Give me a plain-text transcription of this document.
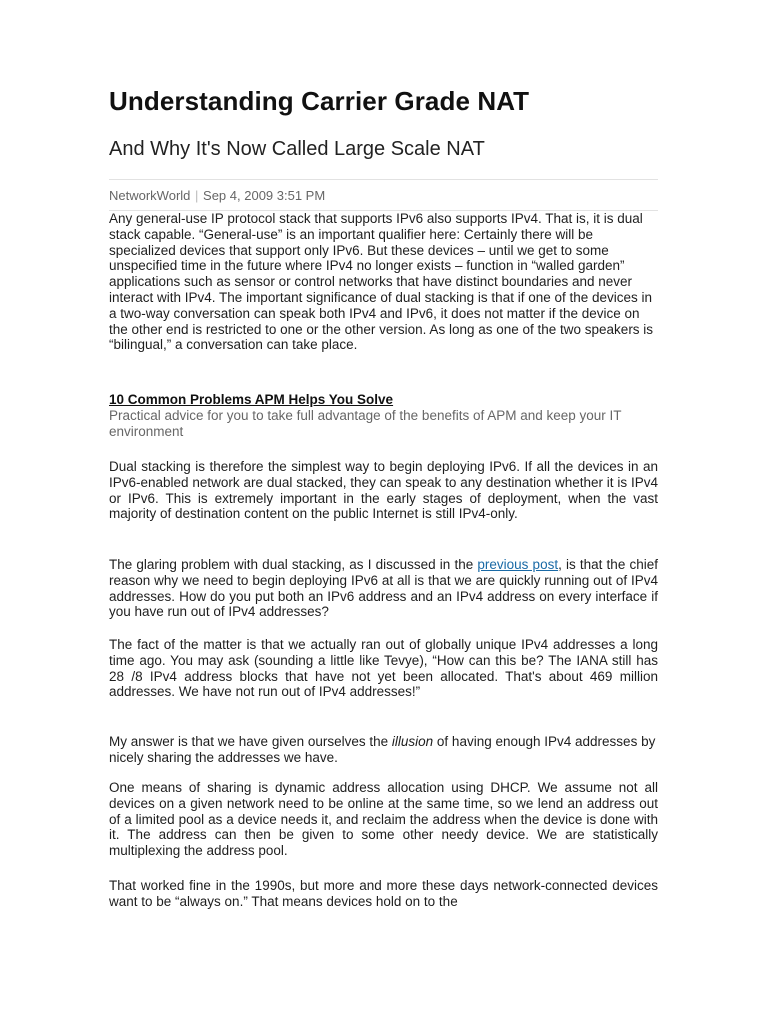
Understanding Carrier Grade NAT
And Why It's Now Called Large Scale NAT
NetworkWorld | Sep 4, 2009 3:51 PM

Any general-use IP protocol stack that supports IPv6 also supports IPv4. That is, it is dual stack capable. “General-use” is an important qualifier here: Certainly there will be specialized devices that support only IPv6. But these devices – until we get to some unspecified time in the future where IPv4 no longer exists – function in “walled garden” applications such as sensor or control networks that have distinct boundaries and never interact with IPv4. The important significance of dual stacking is that if one of the devices in a two-way conversation can speak both IPv4 and IPv6, it does not matter if the device on the other end is restricted to one or the other version. As long as one of the two speakers is “bilingual,” a conversation can take place.

10 Common Problems APM Helps You Solve
Practical advice for you to take full advantage of the benefits of APM and keep your IT environment

Dual stacking is therefore the simplest way to begin deploying IPv6. If all the devices in an IPv6-enabled network are dual stacked, they can speak to any destination whether it is IPv4 or IPv6. This is extremely important in the early stages of deployment, when the vast majority of destination content on the public Internet is still IPv4-only.

The glaring problem with dual stacking, as I discussed in the previous post, is that the chief reason why we need to begin deploying IPv6 at all is that we are quickly running out of IPv4 addresses. How do you put both an IPv6 address and an IPv4 address on every interface if you have run out of IPv4 addresses?

The fact of the matter is that we actually ran out of globally unique IPv4 addresses a long time ago. You may ask (sounding a little like Tevye), “How can this be? The IANA still has 28 /8 IPv4 address blocks that have not yet been allocated. That's about 469 million addresses. We have not run out of IPv4 addresses!”

My answer is that we have given ourselves the illusion of having enough IPv4 addresses by nicely sharing the addresses we have.

One means of sharing is dynamic address allocation using DHCP. We assume not all devices on a given network need to be online at the same time, so we lend an address out of a limited pool as a device needs it, and reclaim the address when the device is done with it. The address can then be given to some other needy device. We are statistically multiplexing the address pool.

That worked fine in the 1990s, but more and more these days network-connected devices want to be “always on.” That means devices hold on to the
